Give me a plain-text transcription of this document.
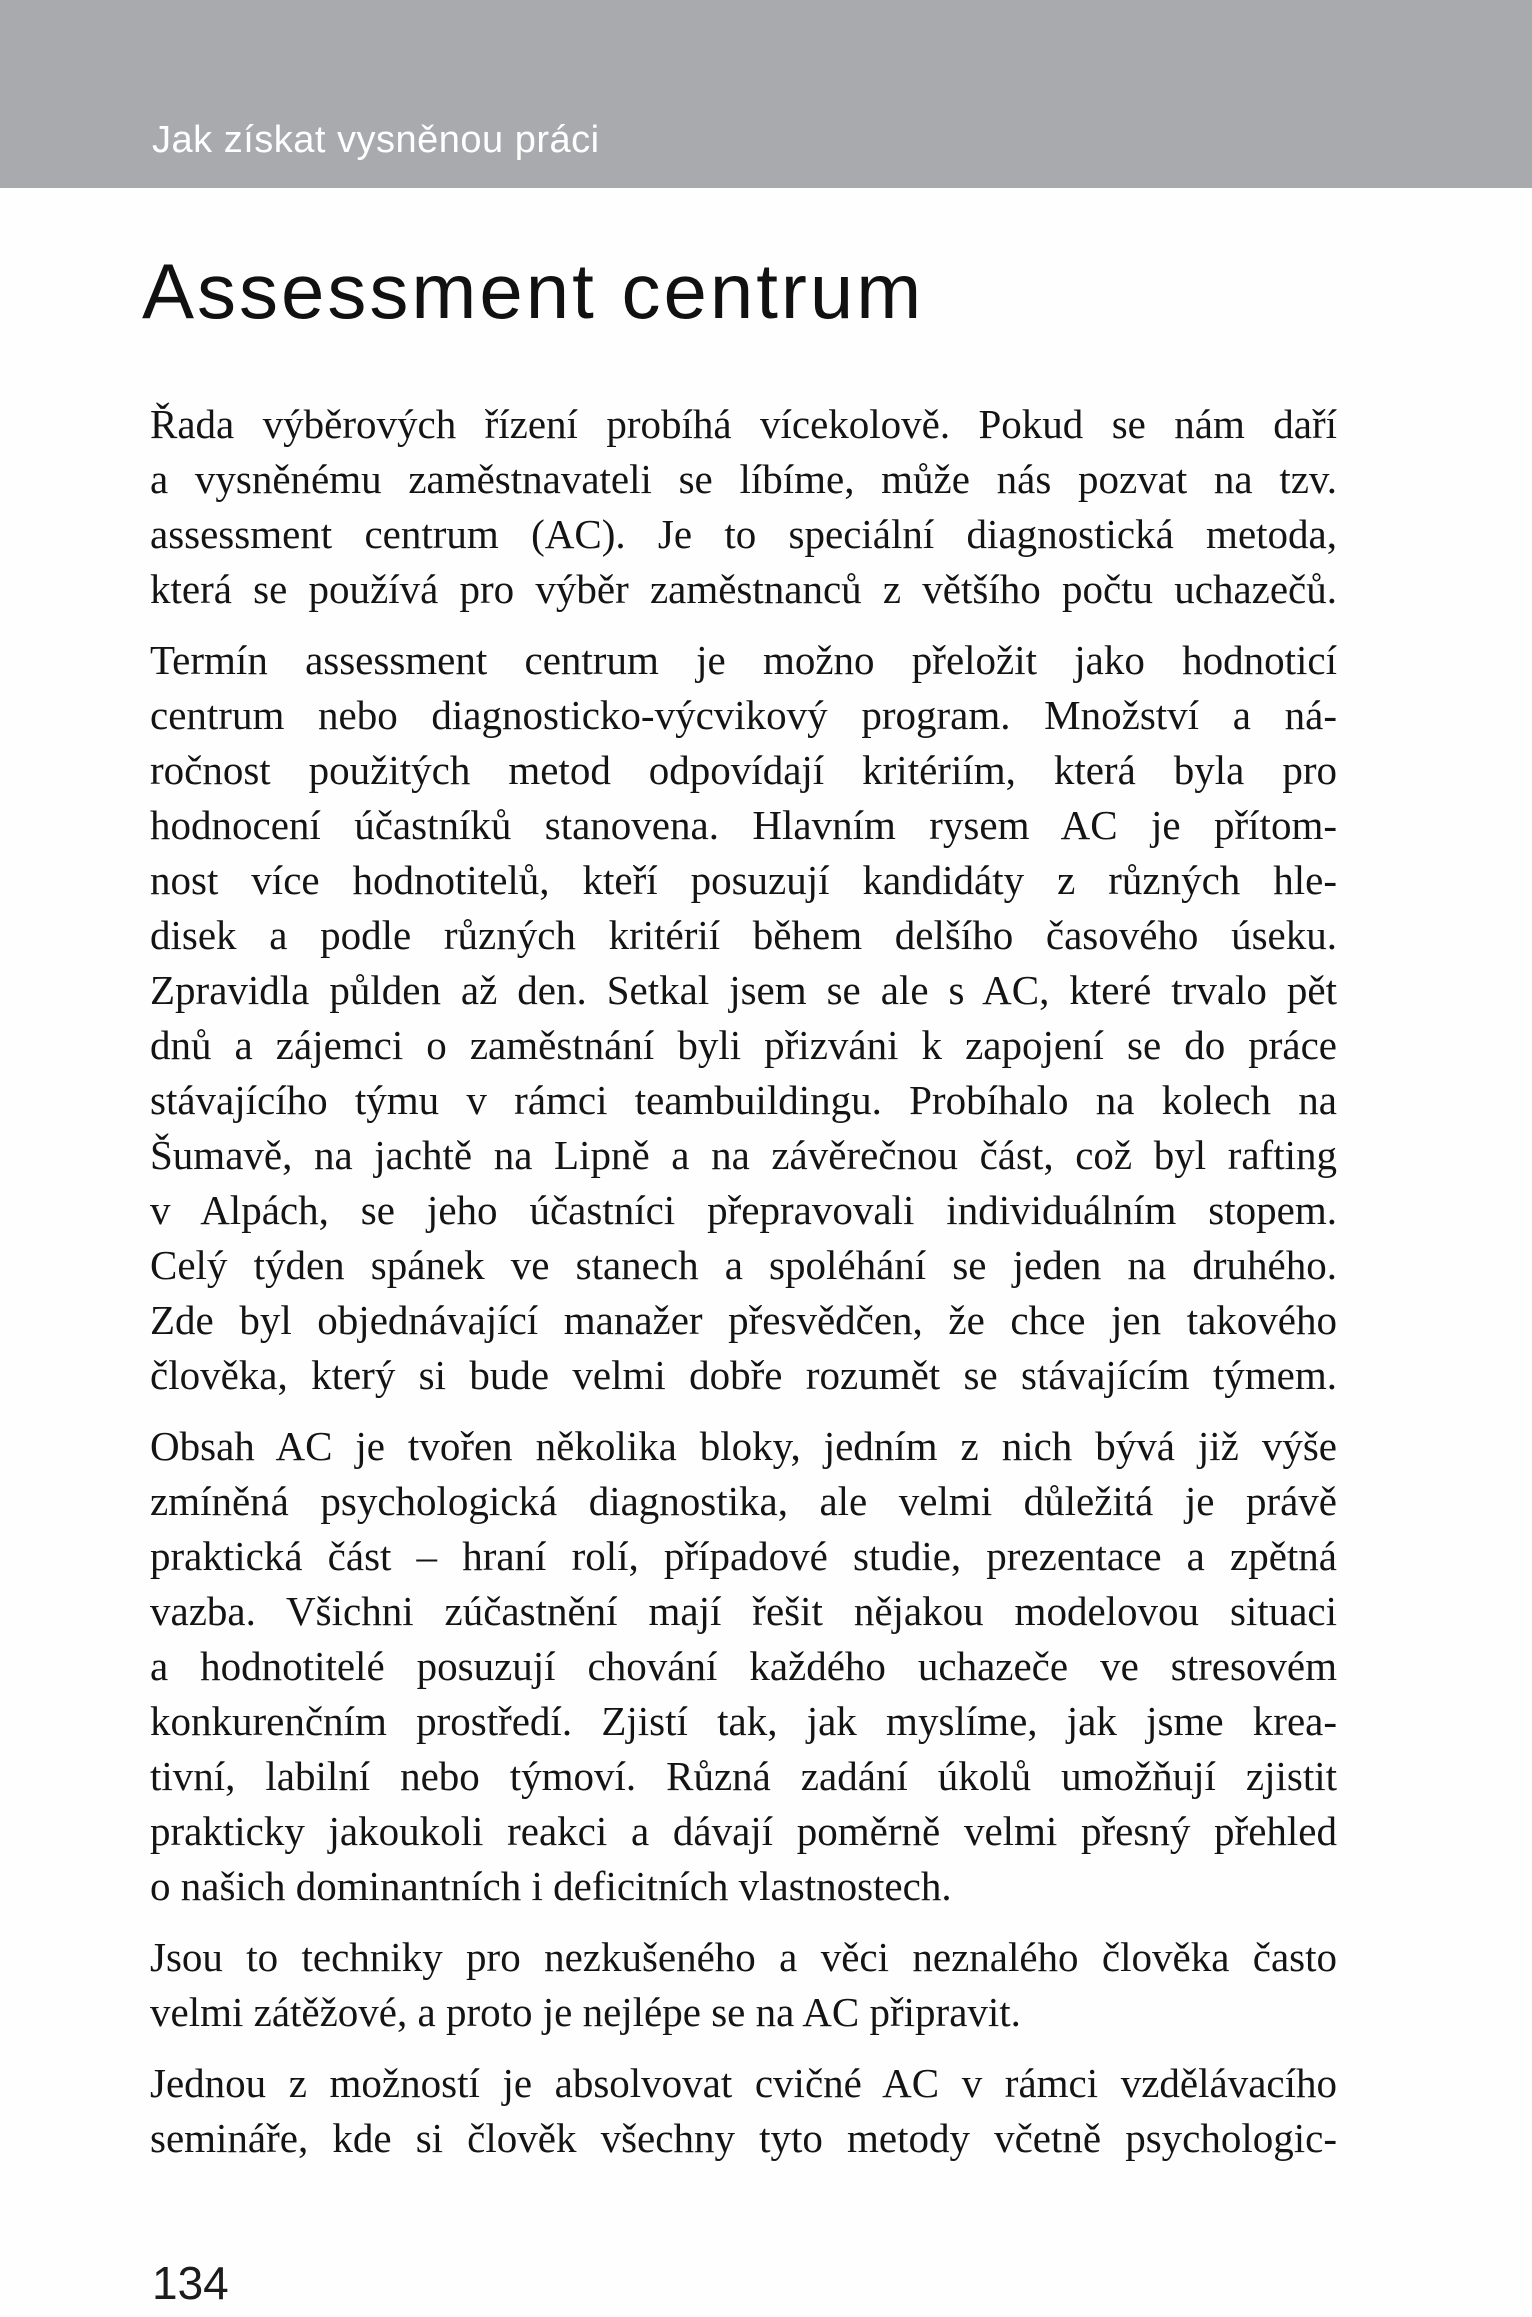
Jak získat vysněnou práci
Assessment centrum

Řada výběrových řízení probíhá vícekolově. Pokud se nám daří
a vysněnému zaměstnavateli se líbíme, může nás pozvat na tzv.
assessment centrum (AC). Je to speciální diagnostická metoda,
která se používá pro výběr zaměstnanců z většího počtu uchazečů.

Termín assessment centrum je možno přeložit jako hodnoticí
centrum nebo diagnosticko-výcvikový program. Množství a ná-
ročnost použitých metod odpovídají kritériím, která byla pro
hodnocení účastníků stanovena. Hlavním rysem AC je přítom-
nost více hodnotitelů, kteří posuzují kandidáty z různých hle-
disek a podle různých kritérií během delšího časového úseku.
Zpravidla půlden až den. Setkal jsem se ale s AC, které trvalo pět
dnů a zájemci o zaměstnání byli přizváni k zapojení se do práce
stávajícího týmu v rámci teambuildingu. Probíhalo na kolech na
Šumavě, na jachtě na Lipně a na závěrečnou část, což byl rafting
v Alpách, se jeho účastníci přepravovali individuálním stopem.
Celý týden spánek ve stanech a spoléhání se jeden na druhého.
Zde byl objednávající manažer přesvědčen, že chce jen takového
člověka, který si bude velmi dobře rozumět se stávajícím týmem.

Obsah AC je tvořen několika bloky, jedním z nich bývá již výše
zmíněná psychologická diagnostika, ale velmi důležitá je právě
praktická část – hraní rolí, případové studie, prezentace a zpětná
vazba. Všichni zúčastnění mají řešit nějakou modelovou situaci
a hodnotitelé posuzují chování každého uchazeče ve stresovém
konkurenčním prostředí. Zjistí tak, jak myslíme, jak jsme krea-
tivní, labilní nebo týmoví. Různá zadání úkolů umožňují zjistit
prakticky jakoukoli reakci a dávají poměrně velmi přesný přehled
o našich dominantních i deficitních vlastnostech.

Jsou to techniky pro nezkušeného a věci neznalého člověka často
velmi zátěžové, a proto je nejlépe se na AC připravit.

Jednou z možností je absolvovat cvičné AC v rámci vzdělávacího
semináře, kde si člověk všechny tyto metody včetně psychologic-

134
